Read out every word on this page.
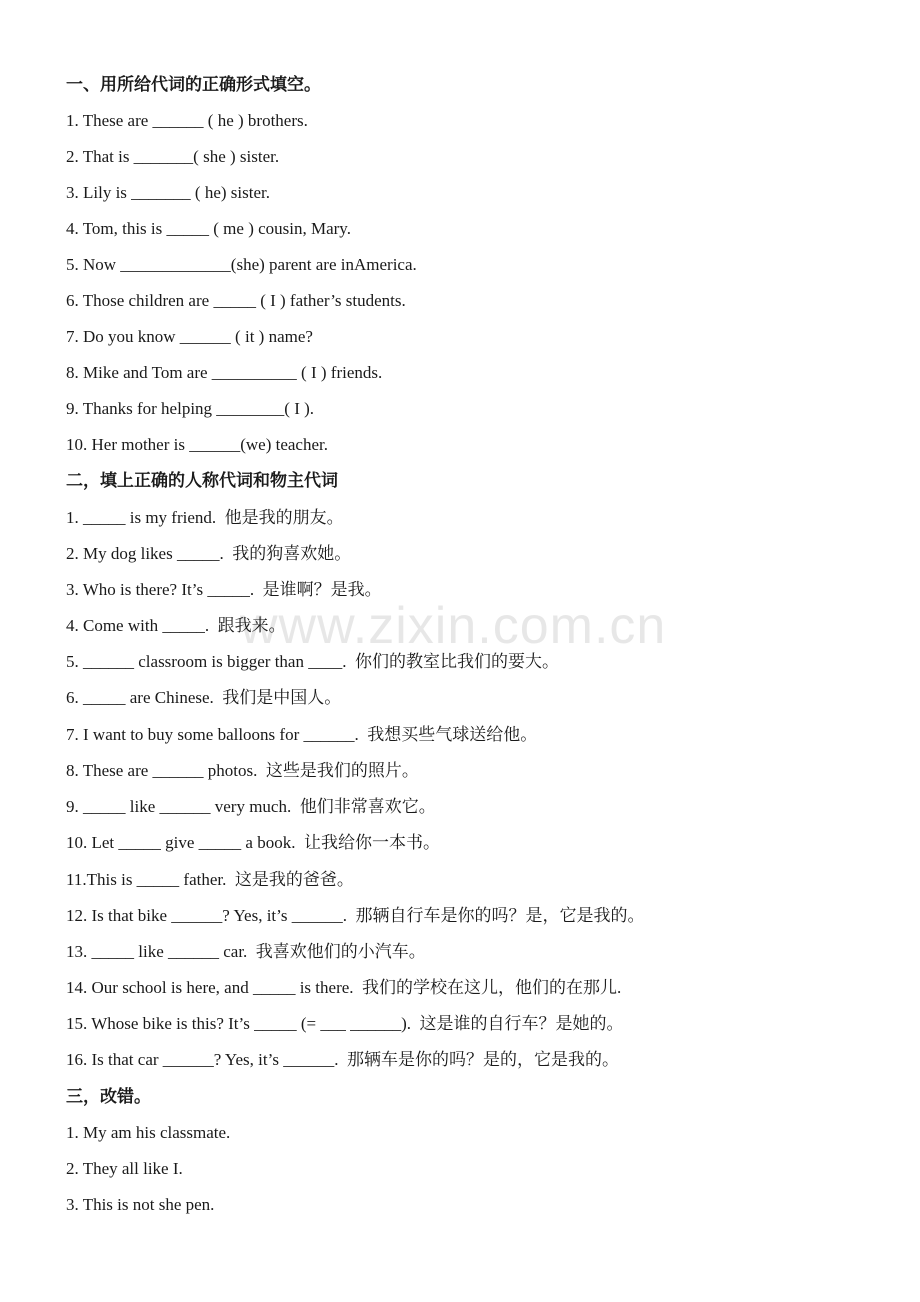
www.zixin.com.cn
一、用所给代词的正确形式填空。
1. These are ______ ( he ) brothers.
2. That is _______( she ) sister.
3. Lily is _______ ( he) sister.
4. Tom, this is _____ ( me ) cousin, Mary.
5. Now _____________(she) parent are inAmerica.
6. Those children are _____ ( I ) father’s students.
7. Do you know ______ ( it ) name?
8. Mike and Tom are __________ ( I ) friends.
9. Thanks for helping ________( I ).
10. Her mother is ______(we) teacher.
二，填上正确的人称代词和物主代词
1. _____ is my friend.  他是我的朋友。
2. My dog likes _____.  我的狗喜欢她。
3. Who is there? It’s _____.  是谁啊？是我。
4. Come with _____.  跟我来。
5. ______ classroom is bigger than ____.  你们的教室比我们的要大。
6. _____ are Chinese.  我们是中国人。
7. I want to buy some balloons for ______.  我想买些气球送给他。
8. These are ______ photos.  这些是我们的照片。
9. _____ like ______ very much.  他们非常喜欢它。
10. Let _____ give _____ a book.  让我给你一本书。
11.This is _____ father.  这是我的爸爸。
12. Is that bike ______? Yes, it’s ______.  那辆自行车是你的吗？是，它是我的。
13. _____ like ______ car.  我喜欢他们的小汽车。
14. Our school is here, and _____ is there.  我们的学校在这儿，他们的在那儿.
15. Whose bike is this? It’s _____ (= ___ ______).  这是谁的自行车？是她的。
16. Is that car ______? Yes, it’s ______.  那辆车是你的吗？是的，它是我的。
三，改错。
1. My am his classmate.
2. They all like I.
3. This is not she pen.
